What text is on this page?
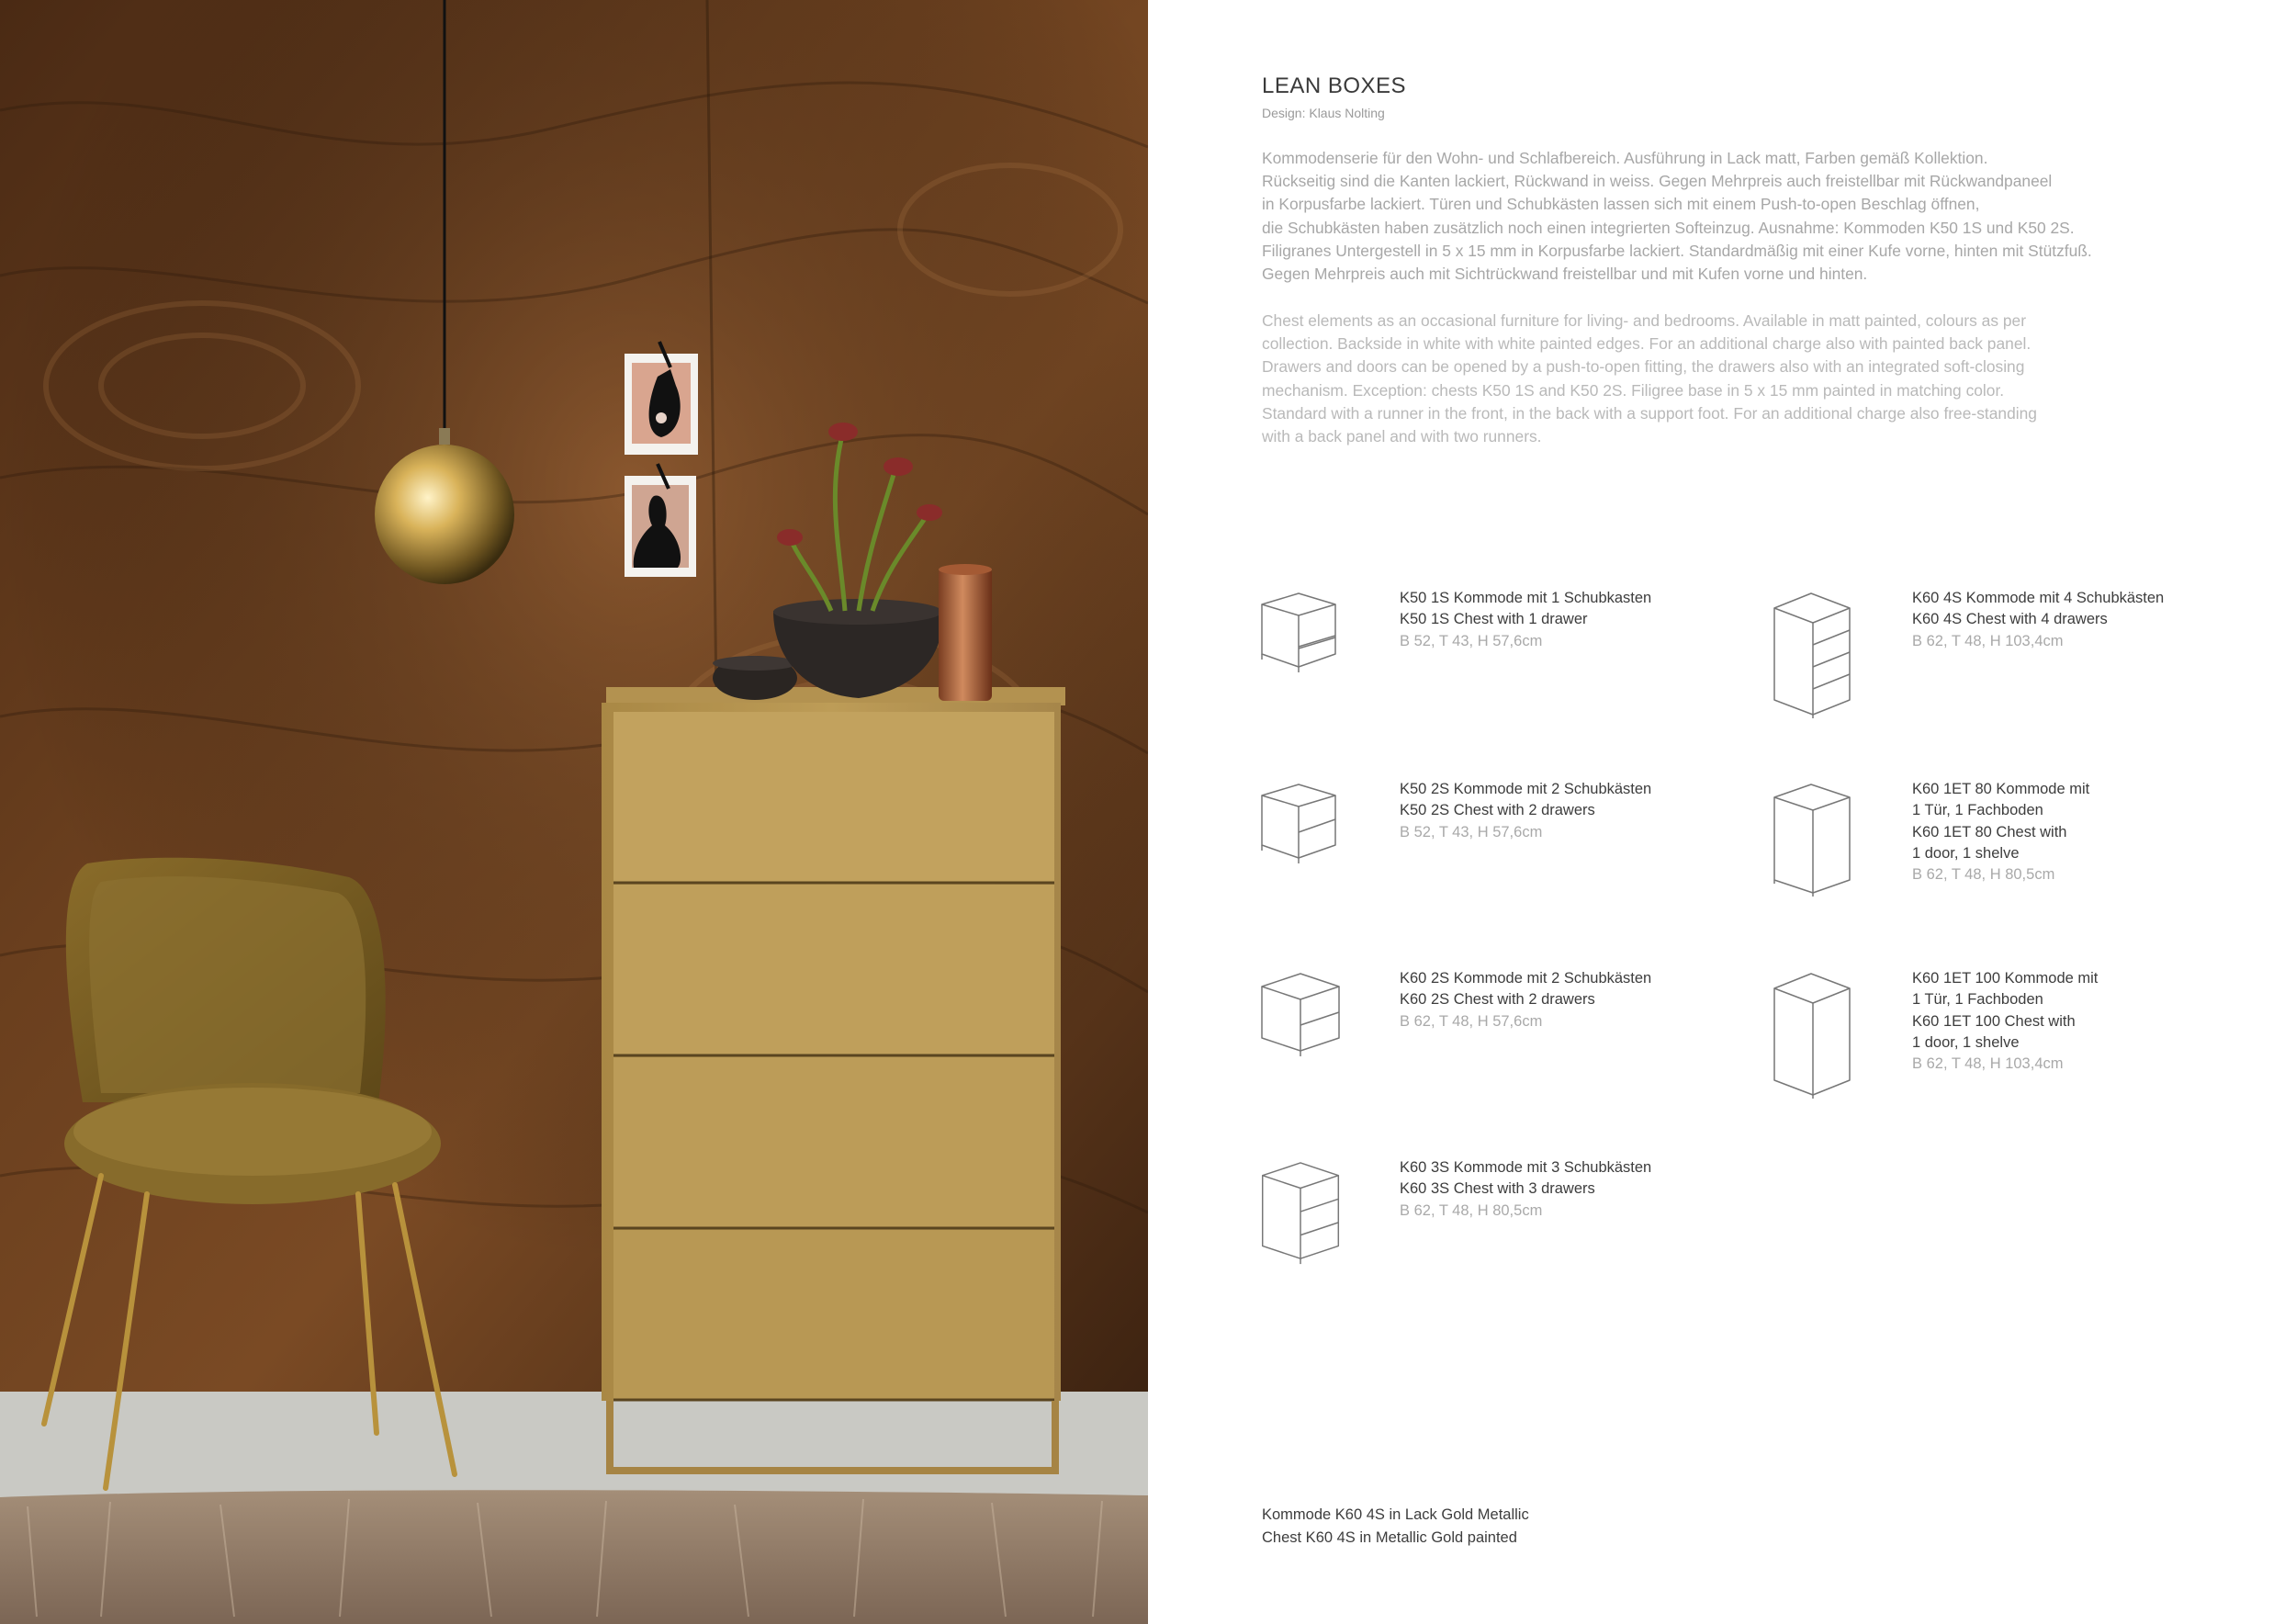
LEAN BOXES
Design: Klaus Nolting
Kommodenserie für den Wohn- und Schlafbereich. Ausführung in Lack matt, Farben gemäß Kollektion.
Rückseitig sind die Kanten lackiert, Rückwand in weiss. Gegen Mehrpreis auch freistellbar mit Rückwandpaneel
in Korpusfarbe lackiert. Türen und Schubkästen lassen sich mit einem Push-to-open Beschlag öffnen,
die Schubkästen haben zusätzlich noch einen integrierten Softeinzug. Ausnahme: Kommoden K50 1S und K50 2S.
Filigranes Untergestell in 5 x 15 mm in Korpusfarbe lackiert. Standardmäßig mit einer Kufe vorne, hinten mit Stützfuß.
Gegen Mehrpreis auch mit Sichtrückwand freistellbar und mit Kufen vorne und hinten.
Chest elements as an occasional furniture for living- and bedrooms. Available in matt painted, colours as per
collection. Backside in white with white painted edges. For an additional charge also with painted back panel.
Drawers and doors can be opened by a push-to-open fitting, the drawers also with an integrated soft-closing
mechanism. Exception: chests K50 1S and K50 2S. Filigree base in 5 x 15 mm painted in matching color.
Standard with a runner in the front, in the back with a support foot. For an additional charge also free-standing
with a back panel and with two runners.
K50 1S Kommode mit 1 Schubkasten
K50 1S Chest with 1 drawer
B 52, T 43, H 57,6cm
K60 4S Kommode mit 4 Schubkästen
K60 4S Chest with 4 drawers
B 62, T 48, H 103,4cm
K50 2S Kommode mit 2 Schubkästen
K50 2S Chest with 2 drawers
B 52, T 43, H 57,6cm
K60 1ET 80 Kommode mit
1 Tür, 1 Fachboden
K60 1ET 80 Chest with
1 door, 1 shelve
B 62, T 48, H 80,5cm
K60 2S Kommode mit 2 Schubkästen
K60 2S Chest with 2 drawers
B 62, T 48, H 57,6cm
K60 1ET 100 Kommode mit
1 Tür, 1 Fachboden
K60 1ET 100 Chest with
1 door, 1 shelve
B 62, T 48, H 103,4cm
K60 3S Kommode mit 3 Schubkästen
K60 3S Chest with 3 drawers
B 62, T 48, H 80,5cm
Kommode K60 4S in Lack Gold Metallic
Chest K60 4S in Metallic Gold painted
